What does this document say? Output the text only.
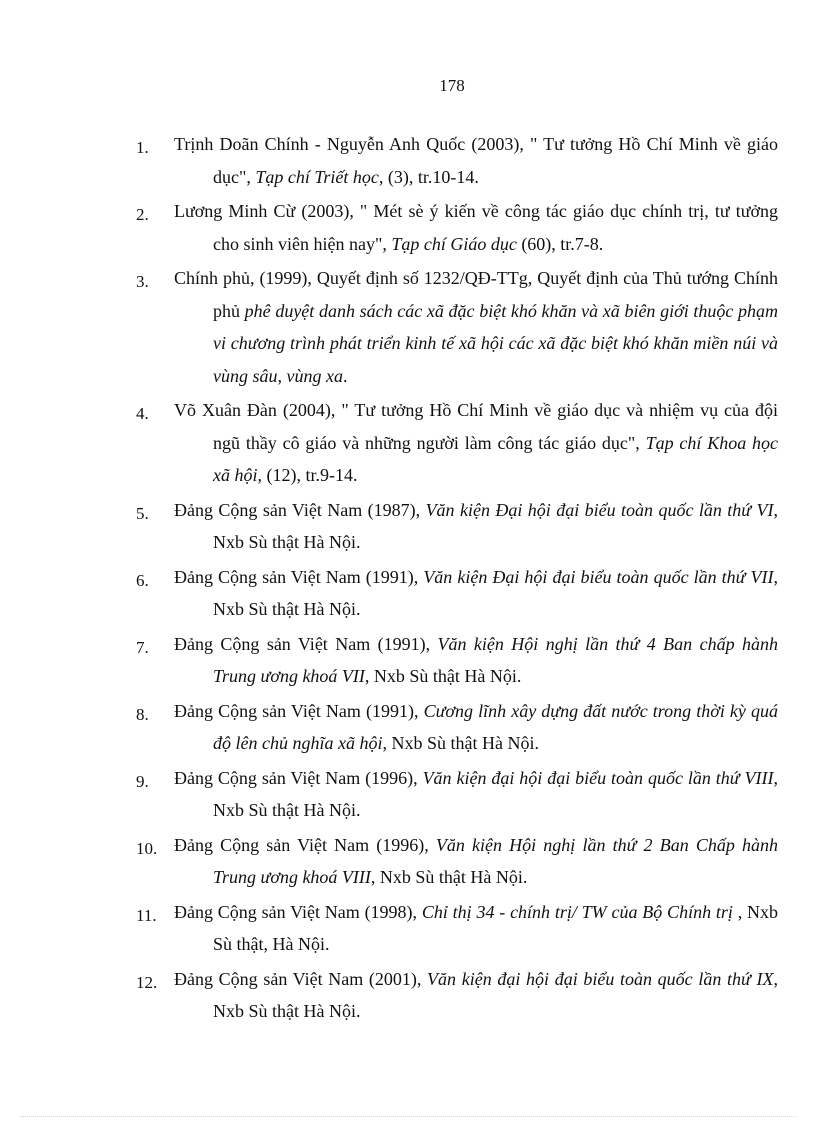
178
1. Trịnh Doãn Chính - Nguyễn Anh Quốc (2003), " Tư tưởng Hồ Chí Minh về giáo dục", Tạp chí Triết học, (3), tr.10-14.
2. Lương Minh Cừ (2003), " Mét sè ý kiến về công tác giáo dục chính trị, tư tưởng cho sinh viên hiện nay", Tạp chí Giáo dục (60), tr.7-8.
3. Chính phủ, (1999), Quyết định số 1232/QĐ-TTg, Quyết định của Thủ tướng Chính phủ phê duyệt danh sách các xã đặc biệt khó khăn và xã biên giới thuộc phạm vi chương trình phát triển kinh tế xã hội các xã đặc biệt khó khăn miền núi và vùng sâu, vùng xa.
4. Võ Xuân Đàn (2004), " Tư tưởng Hồ Chí Minh về giáo dục và nhiệm vụ của đội ngũ thầy cô giáo và những người làm công tác giáo dục", Tạp chí Khoa học xã hội, (12), tr.9-14.
5. Đảng Cộng sản Việt Nam (1987), Văn kiện Đại hội đại biểu toàn quốc lần thứ VI, Nxb Sù thật Hà Nội.
6. Đảng Cộng sản Việt Nam (1991), Văn kiện Đại hội đại biểu toàn quốc lần thứ VII, Nxb Sù thật Hà Nội.
7. Đảng Cộng sản Việt Nam (1991), Văn kiện Hội nghị lần thứ 4 Ban chấp hành Trung ương khoá VII, Nxb Sù thật Hà Nội.
8. Đảng Cộng sản Việt Nam (1991), Cương lĩnh xây dựng đất nước trong thời kỳ quá độ lên chủ nghĩa xã hội, Nxb Sù thật Hà Nội.
9. Đảng Cộng sản Việt Nam (1996), Văn kiện đại hội đại biểu toàn quốc lần thứ VIII, Nxb Sù thật Hà Nội.
10. Đảng Cộng sản Việt Nam (1996), Văn kiện Hội nghị lần thứ 2 Ban Chấp hành Trung ương khoá VIII, Nxb Sù thật Hà Nội.
11. Đảng Cộng sản Việt Nam (1998), Chỉ thị 34 - chính trị/ TW của Bộ Chính trị , Nxb Sù thật, Hà Nội.
12. Đảng Cộng sản Việt Nam (2001), Văn kiện đại hội đại biểu toàn quốc lần thứ IX, Nxb Sù thật Hà Nội.
